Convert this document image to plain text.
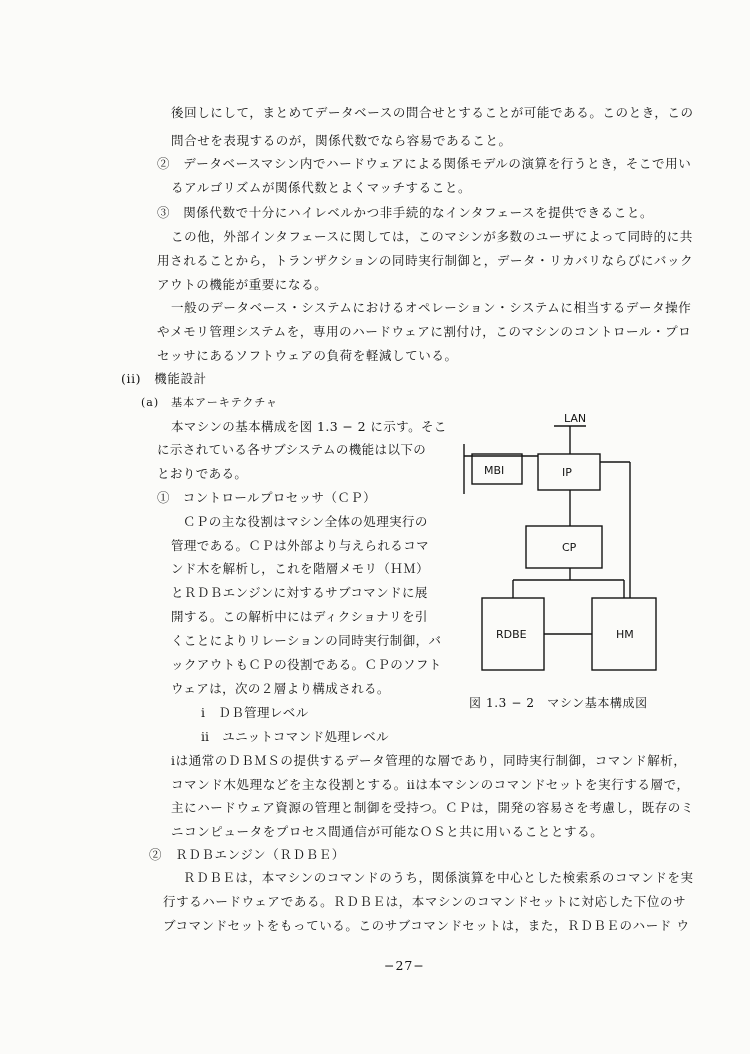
後回しにして，まとめてデータベースの問合せとすることが可能である。このとき，この
問合せを表現するのが，関係代数でなら容易であること。
②　データベースマシン内でハードウェアによる関係モデルの演算を行うとき，そこで用い
るアルゴリズムが関係代数とよくマッチすること。
③　関係代数で十分にハイレベルかつ非手続的なインタフェースを提供できること。
この他，外部インタフェースに関しては，このマシンが多数のユーザによって同時的に共
用されることから，トランザクションの同時実行制御と，データ・リカバリならびにバック
アウトの機能が重要になる。
一般のデータベース・システムにおけるオペレーション・システムに相当するデータ操作
やメモリ管理システムを，専用のハードウェアに割付け，このマシンのコントロール・プロ
セッサにあるソフトウェアの負荷を軽減している。
(ii)　機能設計
(a)　基本アーキテクチャ
本マシンの基本構成を図 1.3 − 2 に示す。そこ
に示されている各サブシステムの機能は以下の
とおりである。
①　コントロールプロセッサ（ＣＰ）
ＣＰの主な役割はマシン全体の処理実行の
管理である。ＣＰは外部より与えられるコマ
ンド木を解析し，これを階層メモリ（ＨＭ）
とＲＤＢエンジンに対するサブコマンドに展
開する。この解析中にはディクショナリを引
くことによりリレーションの同時実行制御，バ
ックアウトもＣＰの役割である。ＣＰのソフト
ウェアは，次の２層より構成される。
ⅰ　ＤＢ管理レベル
ⅱ　ユニットコマンド処理レベル
ⅰは通常のＤＢＭＳの提供するデータ管理的な層であり，同時実行制御，コマンド解析，
コマンド木処理などを主な役割とする。ⅱは本マシンのコマンドセットを実行する層で，
主にハードウェア資源の管理と制御を受持つ。ＣＰは，開発の容易さを考慮し，既存のミ
ニコンピュータをプロセス間通信が可能なＯＳと共に用いることとする。
②　ＲＤＢエンジン（ＲＤＢＥ）
ＲＤＢＥは，本マシンのコマンドのうち，関係演算を中心とした検索系のコマンドを実
行するハードウェアである。ＲＤＢＥは，本マシンのコマンドセットに対応した下位のサ
ブコマンドセットをもっている。このサブコマンドセットは，また，ＲＤＢＥのハード ウ
LAN
MBI	IP
CP
RDBE	HM
図 1.3 − 2　マシン基本構成図
−27−
